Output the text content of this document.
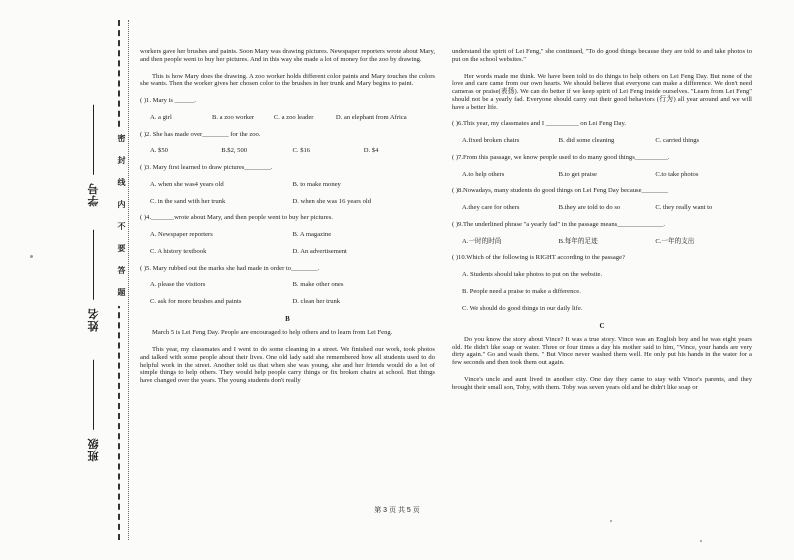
密 封 线 内 不 要 答 题
班级
姓名
学号

workers gave her brushes and paints. Soon Mary was drawing pictures. Newspaper reporters wrote about Mary, and then people went to buy her pictures. And in this way she made a lot of money for the zoo by drawing.

This is how Mary does the drawing. A zoo worker holds different color paints and Mary touches the colors she wants. Then the worker gives her chosen color to the brushes in her trunk and Mary begins to paint.

( )1. Mary is ______.
A. a girl	B. a zoo worker	C. a zoo leader	D. an elephant from Africa
( )2. She has made over________ for the zoo.
A. $50	B.$2, 500	C. $16	D. $4
( )3. Mary first learned to draw pictures________.
A. when she was4 years old	B. to make money
C. in the sand with her trunk	D. when she was 16 years old
( )4._______wrote about Mary, and then people went to buy her pictures.
A. Newspaper reporters	B. A magazine
C. A history textbook	D. An advertisement
( )5. Mary rubbed out the marks she had made in order to________.
A. please the visitors	B. make other ones
C. ask for more brushes and paints	D. clean her trunk
B

March 5 is Lei Feng Day. People are encouraged to help others and to learn from Lei Feng.

This year, my classmates and I went to do some cleaning in a street. We finished our work, took photos and talked with some people about their lives. One old lady said she remembered how all students used to do helpful work in the street. Another told us that when she was young, she and her friends would do a lot of simple things to help others. They would help people carry things or fix broken chairs at school. But things have changed over the years. The young students don't really

understand the spirit of Lei Feng," she continued, "To do good things because they are told to and take photos to put on the school websites."

Her words made me think. We have been told to do things to help others on Lei Feng Day. But none of the love and care came from our own hearts. We should believe that everyone can make a difference. We don't need cameras or praise(表扬). We can do better if we keep spirit of Lei Feng inside ourselves. "Learn from Lei Feng" should not be a yearly fad. Everyone should carry out their good behaviors (行为) all year around and we will have a better life.

( )6.This year, my classmates and I __________ on Lei Feng Day.
A.fixed broken chairs	B. did some cleaning	C. carried things
( )7.From this passage, we know people used to do many good things__________.
A.to help others	B.to get praise	C.to take photos
( )8.Nowadays, many students do good things on Lei Feng Day because________
A.they care for others	B.they are told to do so	C. they really want to
( )9.The underlined phrase "a yearly fad" in the passage means______________.
A.一时的时尚	B.每年的足迹	C.一年的支出
( )10.Which of the following is RIGHT according to the passage?
A. Students should take photos to put on the website.
B. People need a praise to make a difference.
C. We should do good things in our daily life.
C

Do you know the story about Vince? It was a true story. Vince was an English boy and he was eight years old. He didn't like soap or water. Three or four times a day his mother said to him, "Vince, your hands are very dirty again." Go and wash them. " But Vince never washed them well. He only put his hands in the water for a few seconds and then took them out again.

Vince's uncle and aunt lived in another city. One day they came to stay with Vince's parents, and they brought their small son, Toby, with them. Toby was seven years old and he didn't like soap or

第 3 页 共 5 页
